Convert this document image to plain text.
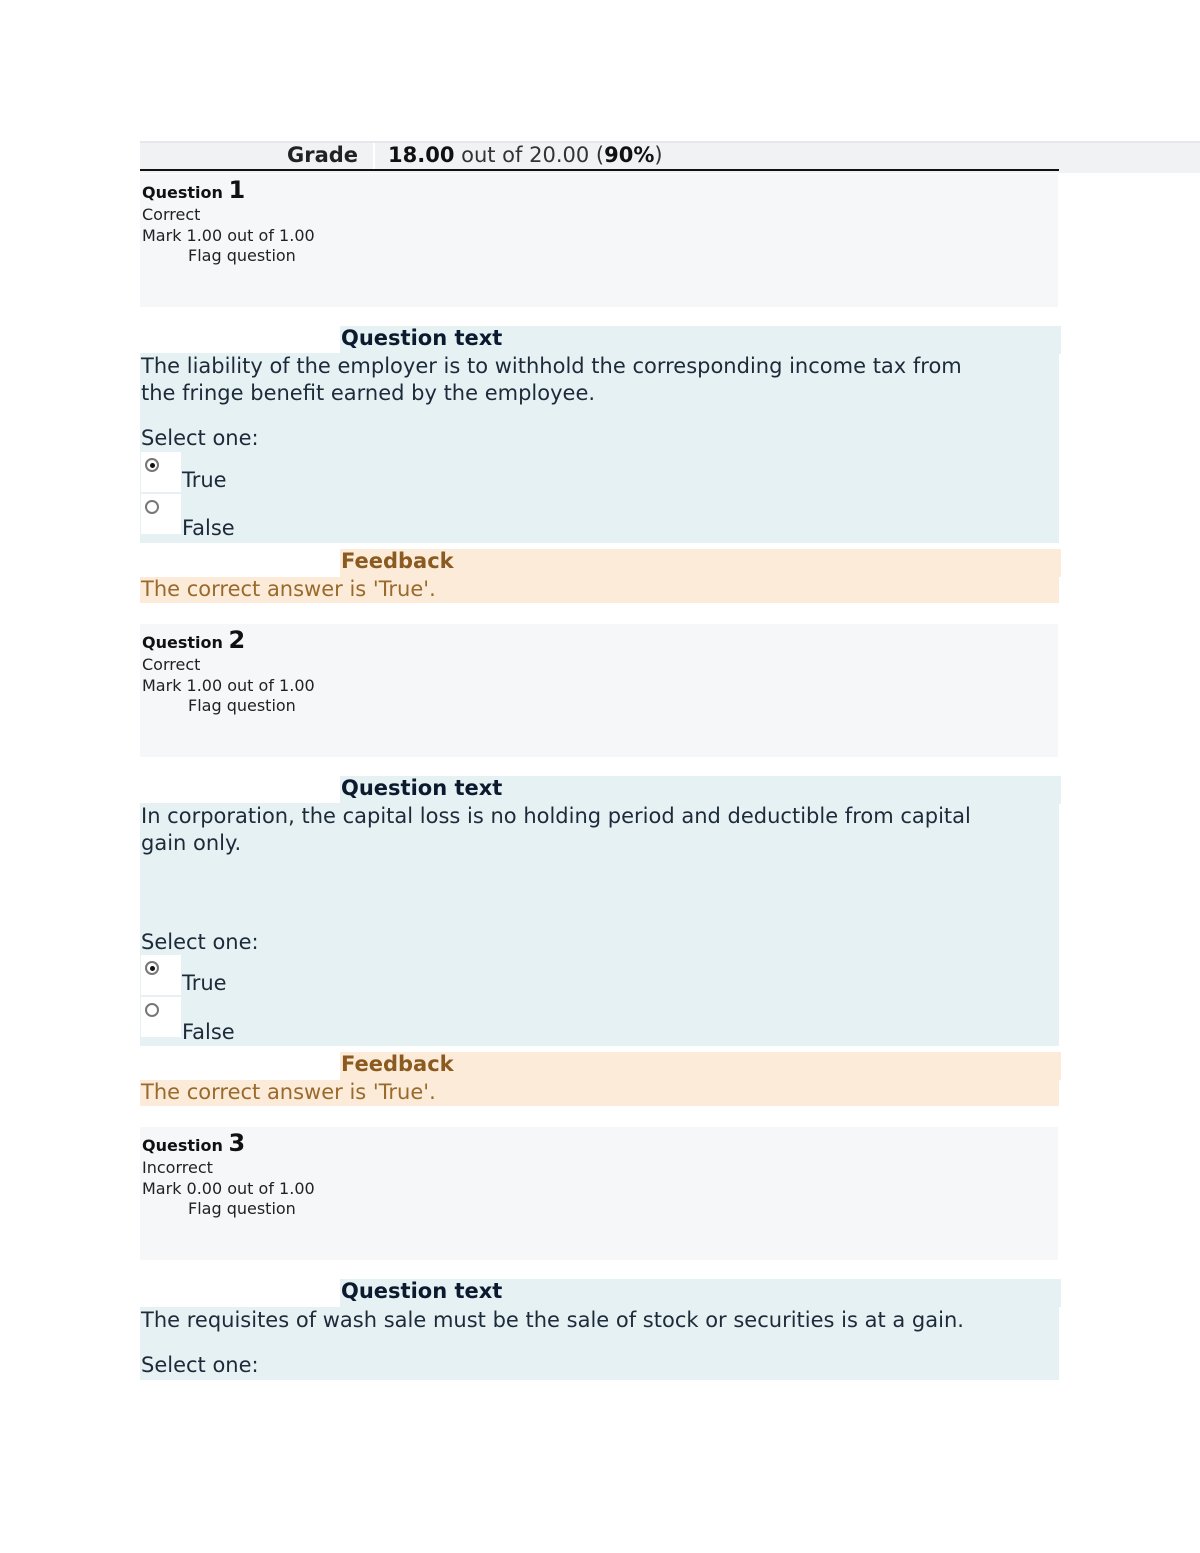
Grade 18.00 out of 20.00 (90%)
Question 1
Correct
Mark 1.00 out of 1.00
Flag question
Question text
The liability of the employer is to withhold the corresponding income tax from
the fringe benefit earned by the employee.
Select one:
True
False
Feedback
The correct answer is 'True'.
Question 2
Correct
Mark 1.00 out of 1.00
Flag question
Question text
In corporation, the capital loss is no holding period and deductible from capital
gain only.
Select one:
True
False
Feedback
The correct answer is 'True'.
Question 3
Incorrect
Mark 0.00 out of 1.00
Flag question
Question text
The requisites of wash sale must be the sale of stock or securities is at a gain.
Select one:
